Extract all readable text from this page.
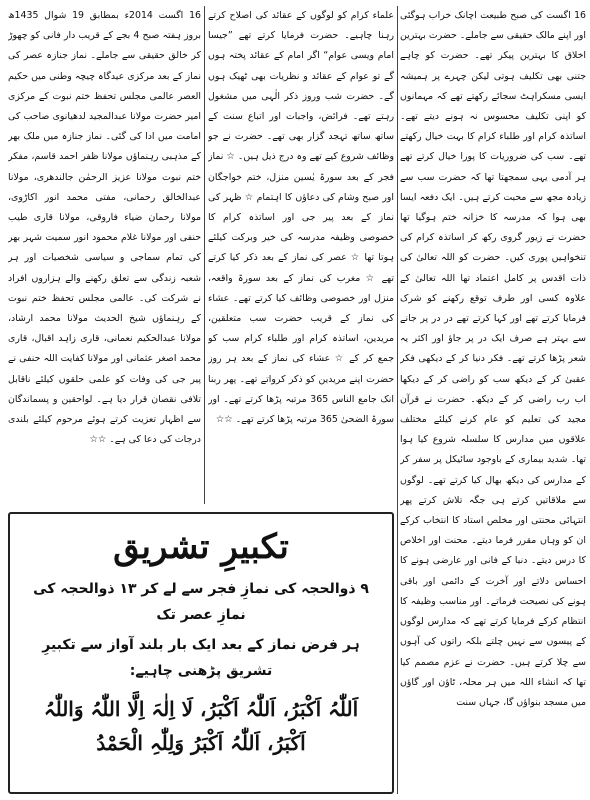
16 اگست کی صبح طبیعت اچانک خراب ہوگئی اور اپنے مالک حقیقی سے جاملے۔ حضرت بہترین اخلاق کا بہترین پیکر تھے۔ حضرت کو چاہے جتنی بھی تکلیف ہوتی لیکن چہرے پر ہمیشہ ایسی مسکراہٹ سجائے رکھتے تھے کہ مہمانوں کو اپنی تکلیف محسوس نہ ہونے دیتے تھے۔ اساتذہ کرام اور طلباء کرام کا بہت خیال رکھتے تھے۔ سب کی ضروریات کا پورا خیال کرتے تھے ہر آدمی یہی سمجھتا تھا کہ حضرت سب سے زیادہ مجھ سے محبت کرتے ہیں۔ ایک دفعہ ایسا بھی ہوا کہ مدرسہ کا خزانہ ختم ہوگیا تھا حضرت نے زیور گروی رکھ کر اساتذہ کرام کی تنخواہیں پوری کیں۔ حضرت کو اللہ تعالیٰ کی ذات اقدس پر کامل اعتماد تھا اللہ تعالیٰ کے علاوہ کسی اور طرف توقع رکھنے کو شرک فرمایا کرتے تھے اور کہا کرتے تھے در در پر جانے سے بہتر ہے صرف ایک در پر جاؤ اور اکثر یہ شعر پڑھا کرتے تھے۔ فکر دنیا کر کے دیکھی فکر عقبیٰ کر کے دیکھ سب کو راضی کر کے دیکھا اب رب راضی کر کے دیکھ۔ حضرت نے قرآن مجید کی تعلیم کو عام کرنے کیلئے مختلف علاقوں میں مدارس کا سلسلہ شروع کیا ہوا تھا۔ شدید بیماری کے باوجود سائیکل پر سفر کر کے مدارس کی دیکھ بھال کیا کرتے تھے۔ لوگوں سے ملاقاتیں کرتے ہی جگہ تلاش کرتے پھر انتہائی محنتی اور مخلص استاد کا انتخاب کرکے ان کو وہاں مقرر فرما دیتے۔ محنت اور اخلاص کا درس دیتے۔ دنیا کے فانی اور عارضی ہونے کا احساس دلاتے اور آخرت کے دائمی اور باقی ہونے کی نصیحت فرماتے۔ اور مناسب وظیفہ کا انتظام کرکے فرمایا کرتے تھے کہ مدارس لوگوں کے پیسوں سے نہیں چلتے بلکہ راتوں کی آہوں سے چلا کرتے ہیں۔ حضرت نے عزم مصمم کیا تھا کہ انشاء اللہ میں ہر محلہ، ٹاؤن اور گاؤں میں مسجد بنواؤں گا، جہاں سنت

علماء کرام کو لوگوں کے عقائد کی اصلاح کرتے رہنا چاہیے۔ حضرت فرمایا کرتے تھے ”جیسا امام ویسی عوام“ اگر امام کے عقائد پختہ ہوں گے تو عوام کے عقائد و نظریات بھی ٹھیک ہوں گے۔ حضرت شب وروز ذکر الٰہی میں مشغول رہتے تھے۔ فرائض، واجبات اور اتباع سنت کے ساتھ ساتھ تہجد گزار بھی تھے۔ حضرت نے جو وظائف شروع کیے تھے وہ درج ذیل ہیں۔ ☆ نماز فجر کے بعد سورۃ یٰسین منزل، ختم خواجگان اور صبح وشام کی دعاؤں کا اہتمام ☆ ظہر کی نماز کے بعد پیر جی اور اساتذہ کرام کا خصوصی وظیفہ مدرسہ کی خیر وبرکت کیلئے ہوتا تھا ☆ عصر کی نماز کے بعد ذکر کیا کرتے تھے ☆ مغرب کی نماز کے بعد سورۃ واقعہ، منزل اور خصوصی وظائف کیا کرتے تھے۔ عشاء کی نماز کے قریب حضرت سب متعلقین، مریدین، اساتذہ کرام اور طلباء کرام سب کو جمع کر کے ☆ عشاء کی نماز کے بعد ہر روز حضرت اپنے مریدین کو ذکر کرواتے تھے۔ پھر ربنا انک جامع الناس 365 مرتبہ پڑھا کرتے تھے۔ اور سورۃ الضحیٰ 365 مرتبہ پڑھا کرتے تھے۔ ☆☆

16 اگست 2014ء بمطابق 19 شوال 1435ھ بروز ہفتہ صبح 4 بجے کے قریب دار فانی کو چھوڑ کر خالق حقیقی سے جاملے۔ نماز جنازہ عصر کی نماز کے بعد مرکزی عیدگاہ چیچہ وطنی میں حکیم العصر عالمی مجلس تحفظ ختم نبوت کے مرکزی امیر حضرت مولانا عبدالمجید لدھیانوی صاحب کی امامت میں ادا کی گئی۔ نماز جنازہ میں ملک بھر کے مذہبی رہنماؤں مولانا ظفر احمد قاسم، مفکر ختم نبوت مولانا عزیز الرحمٰن جالندھری، مولانا عبدالخالق رحمانی، مفتی محمد انور اکاڑوی، مولانا رحمان ضیاء فاروقی، مولانا قاری طیب حنفی اور مولانا غلام محمود انور سمیت شہر بھر کی تمام سماجی و سیاسی شخصیات اور ہر شعبہ زندگی سے تعلق رکھنے والے ہزاروں افراد نے شرکت کی۔ عالمی مجلس تحفظ ختم نبوت کے رہنماؤں شیخ الحدیث مولانا محمد ارشاد، مولانا عبدالحکیم نعمانی، قاری زاہد اقبال، قاری محمد اصغر عثمانی اور مولانا کفایت اللہ حنفی نے پیر جی کی وفات کو علمی حلقوں کیلئے ناقابل تلافی نقصان قرار دیا ہے۔ لواحقین و پسماندگان سے اظہار تعزیت کرتے ہوئے مرحوم کیلئے بلندی درجات کی دعا کی ہے۔ ☆☆

تکبیرِ تشریق
۹ ذوالحجہ کی نمازِ فجر سے لے کر ۱۳ ذوالحجہ کی نمازِ عصر تک
ہر فرض نماز کے بعد ایک بار بلند آواز سے تکبیرِ تشریق پڑھنی چاہیے:
اَللّٰہُ اَکْبَرُ، اَللّٰہُ اَکْبَرُ، لَا اِلٰہَ اِلَّا اللّٰہُ وَاللّٰہُ اَکْبَرُ، اَللّٰہُ اَکْبَرُ وَلِلّٰہِ الْحَمْدُ
